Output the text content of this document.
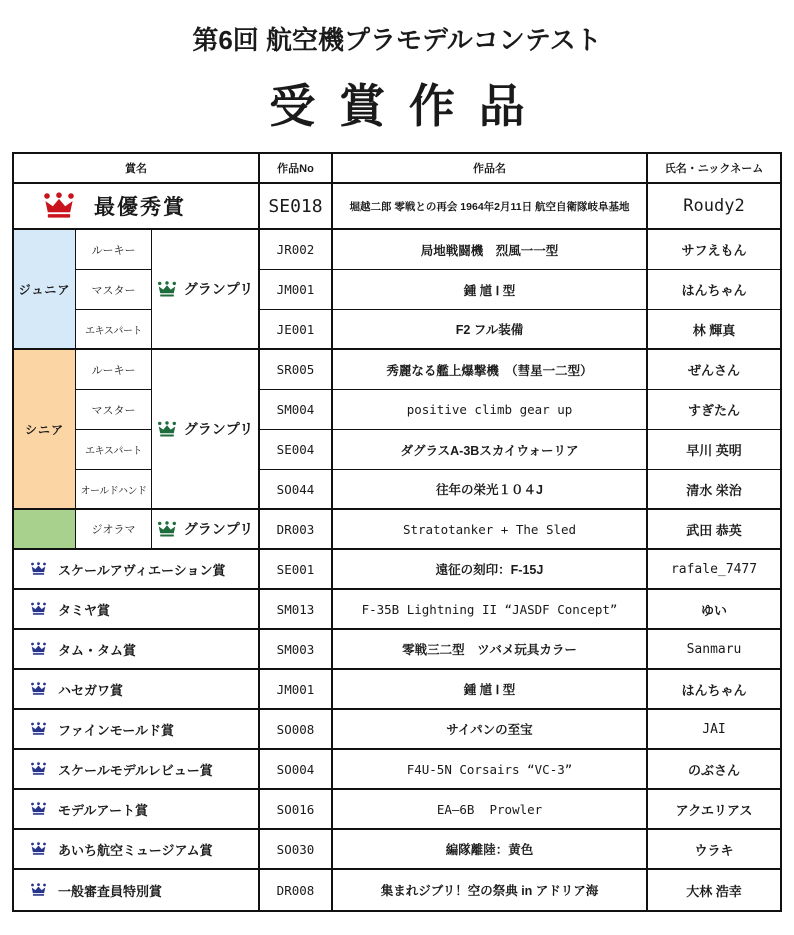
第6回 航空機プラモデルコンテスト
受 賞 作 品
賞名	作品No	作品名	氏名・ニックネーム
最優秀賞	SE018	堀越二郎 零戦との再会 1964年2月11日 航空自衛隊岐阜基地	Roudy2
ジュニア	グランプリ
ルーキー	JR002	局地戦闘機　烈風一一型	サフえもん
マスター	JM001	鍾 馗 Ⅰ 型	はんちゃん
エキスパート	JE001	F2 フル装備	林 輝真
シニア	グランプリ
ルーキー	SR005	秀麗なる艦上爆撃機　（彗星一二型）	ぜんさん
マスター	SM004	positive climb gear up	すぎたん
エキスパート	SE004	ダグラスA-3Bスカイウォーリア	早川 英明
オールドハンド	SO044	往年の栄光１０４J	清水 栄治
グランプリ
ジオラマ	DR003	Stratotanker + The Sled	武田 恭英
スケールアヴィエーション賞	SE001	遠征の刻印：F-15J	rafale_7477
タミヤ賞	SM013	F-35B Lightning II “JASDF Concept”	ゆい
タム・タム賞	SM003	零戦三二型　ツバメ玩具カラー	Sanmaru
ハセガワ賞	JM001	鍾 馗 Ⅰ 型	はんちゃん
ファインモールド賞	SO008	サイパンの至宝	JAI
スケールモデルレビュー賞	SO004	F4U-5N Corsairs “VC-3”	のぶさん
モデルアート賞	SO016	EA―6B  Prowler	アクエリアス
あいち航空ミュージアム賞	SO030	編隊離陸：黄色	ウラキ
一般審査員特別賞	DR008	集まれジブリ！空の祭典 in アドリア海	大林 浩幸
